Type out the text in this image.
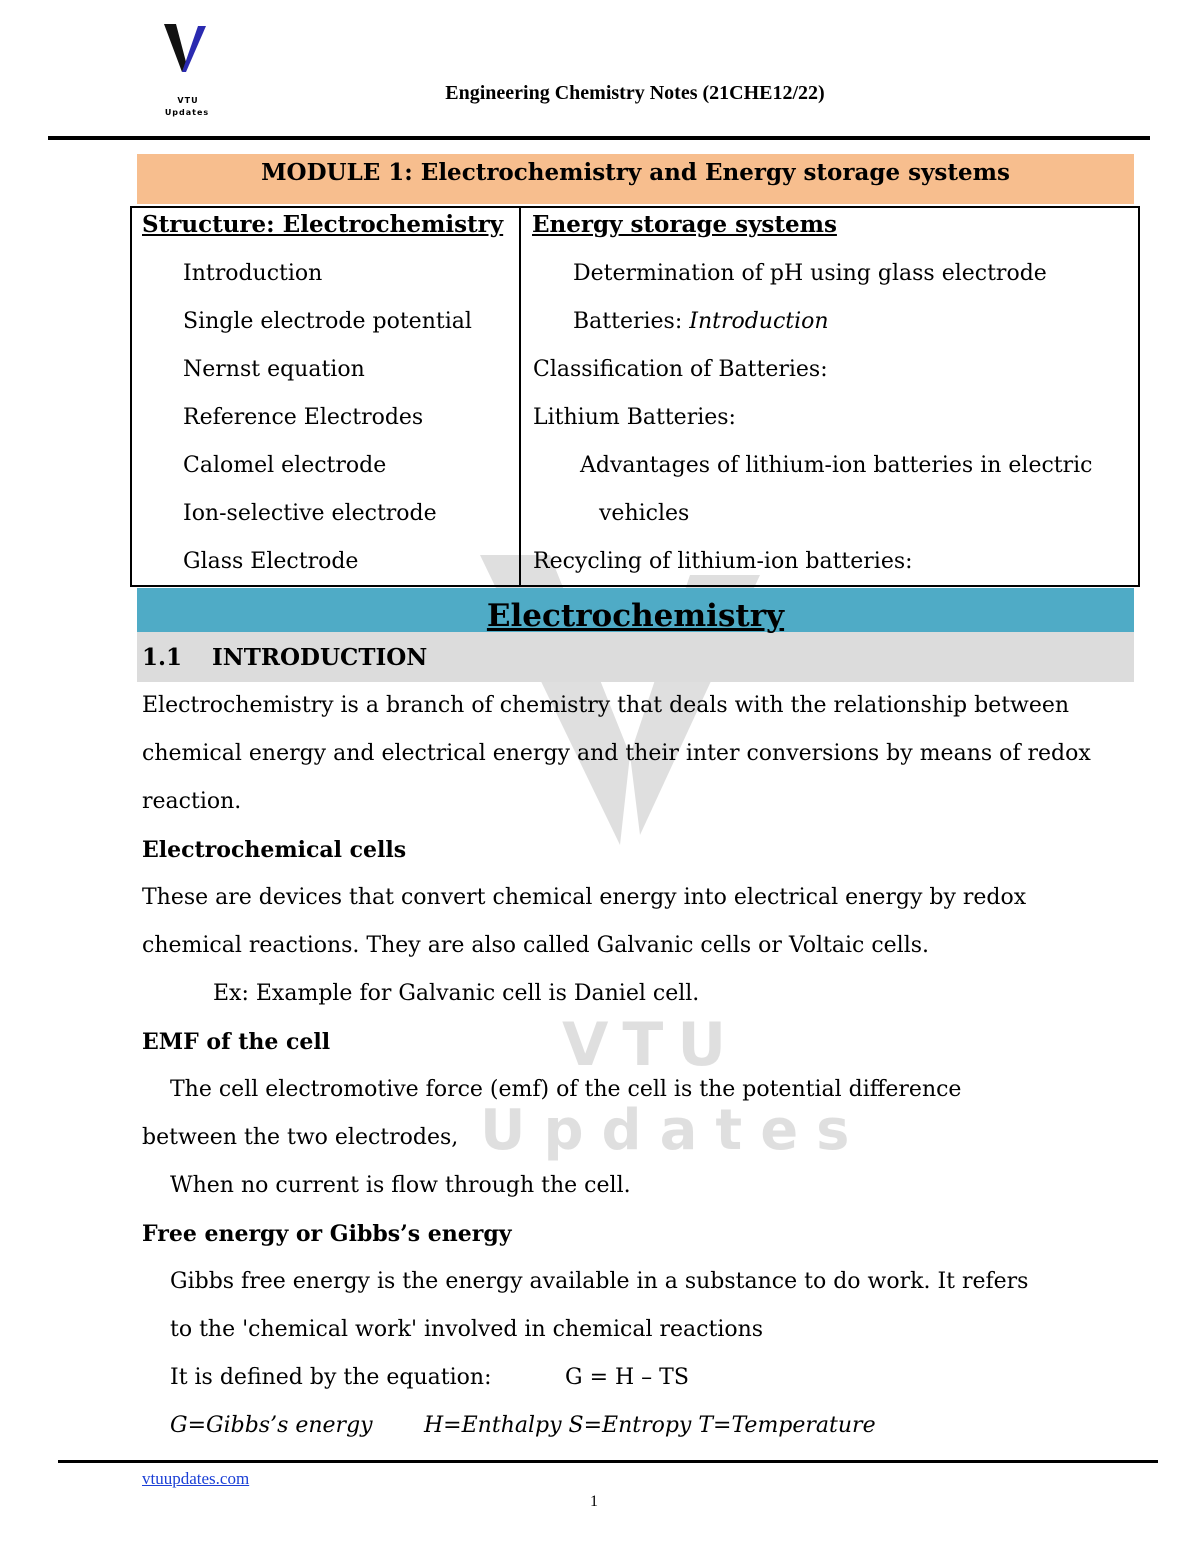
VTU
Updates
VTU
Updates
Engineering Chemistry Notes (21CHE12/22)
MODULE 1: Electrochemistry and Energy storage systems
Structure: Electrochemistry
Introduction
Single electrode potential
Nernst equation
Reference Electrodes
Calomel electrode
Ion-selective electrode
Glass Electrode
Energy storage systems
Determination of pH using glass electrode
Batteries: Introduction
Classification of Batteries:
Lithium Batteries:
Advantages of lithium-ion batteries in electric
vehicles
Recycling of lithium-ion batteries:
Electrochemistry
1.1 INTRODUCTION
Electrochemistry is a branch of chemistry that deals with the relationship between
chemical energy and electrical energy and their inter conversions by means of redox
reaction.
Electrochemical cells
These are devices that convert chemical energy into electrical energy by redox
chemical reactions. They are also called Galvanic cells or Voltaic cells.
Ex: Example for Galvanic cell is Daniel cell.
EMF of the cell
The cell electromotive force (emf) of the cell is the potential difference
between the two electrodes,
When no current is flow through the cell.
Free energy or Gibbs’s energy
Gibbs free energy is the energy available in a substance to do work. It refers
to the 'chemical work' involved in chemical reactions
It is defined by the equation:	G = H – TS
G=Gibbs’s energy H=Enthalpy S=Entropy T=Temperature
vtuupdates.com
1
